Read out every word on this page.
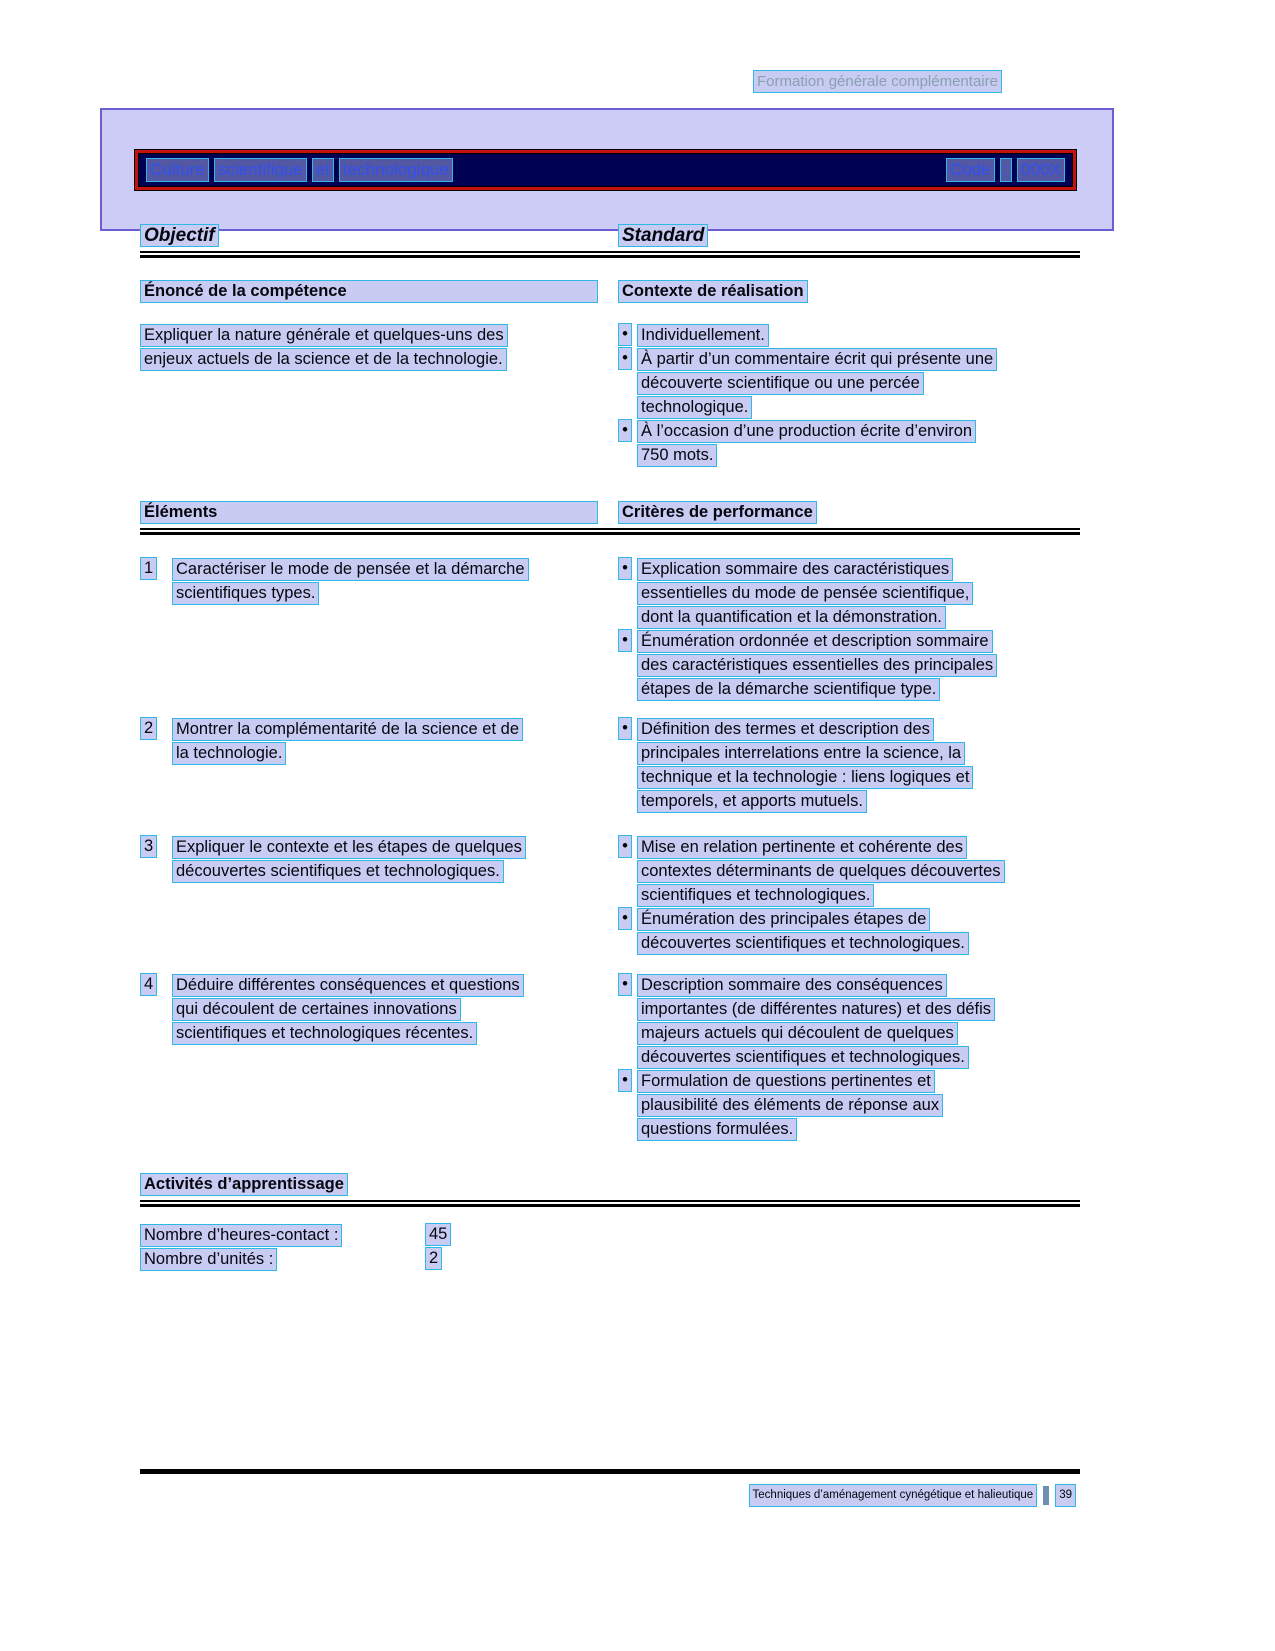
Formation générale complémentaire
Culture scientifique et technologique	Code : 000X
Objectif	Standard
Énoncé de la compétence	Contexte de réalisation
Expliquer la nature générale et quelques-uns des
enjeux actuels de la science et de la technologie.
• Individuellement.
• À partir d’un commentaire écrit qui présente une
découverte scientifique ou une percée
technologique.
• À l’occasion d’une production écrite d’environ
750 mots.
Éléments	Critères de performance
1 Caractériser le mode de pensée et la démarche
scientifiques types.
• Explication sommaire des caractéristiques
essentielles du mode de pensée scientifique,
dont la quantification et la démonstration.
• Énumération ordonnée et description sommaire
des caractéristiques essentielles des principales
étapes de la démarche scientifique type.
2 Montrer la complémentarité de la science et de
la technologie.
• Définition des termes et description des
principales interrelations entre la science, la
technique et la technologie : liens logiques et
temporels, et apports mutuels.
3 Expliquer le contexte et les étapes de quelques
découvertes scientifiques et technologiques.
• Mise en relation pertinente et cohérente des
contextes déterminants de quelques découvertes
scientifiques et technologiques.
• Énumération des principales étapes de
découvertes scientifiques et technologiques.
4 Déduire différentes conséquences et questions
qui découlent de certaines innovations
scientifiques et technologiques récentes.
• Description sommaire des conséquences
importantes (de différentes natures) et des défis
majeurs actuels qui découlent de quelques
découvertes scientifiques et technologiques.
• Formulation de questions pertinentes et
plausibilité des éléments de réponse aux
questions formulées.
Activités d’apprentissage
Nombre d’heures-contact :	45
Nombre d’unités :	2
Techniques d’aménagement cynégétique et halieutique	39
